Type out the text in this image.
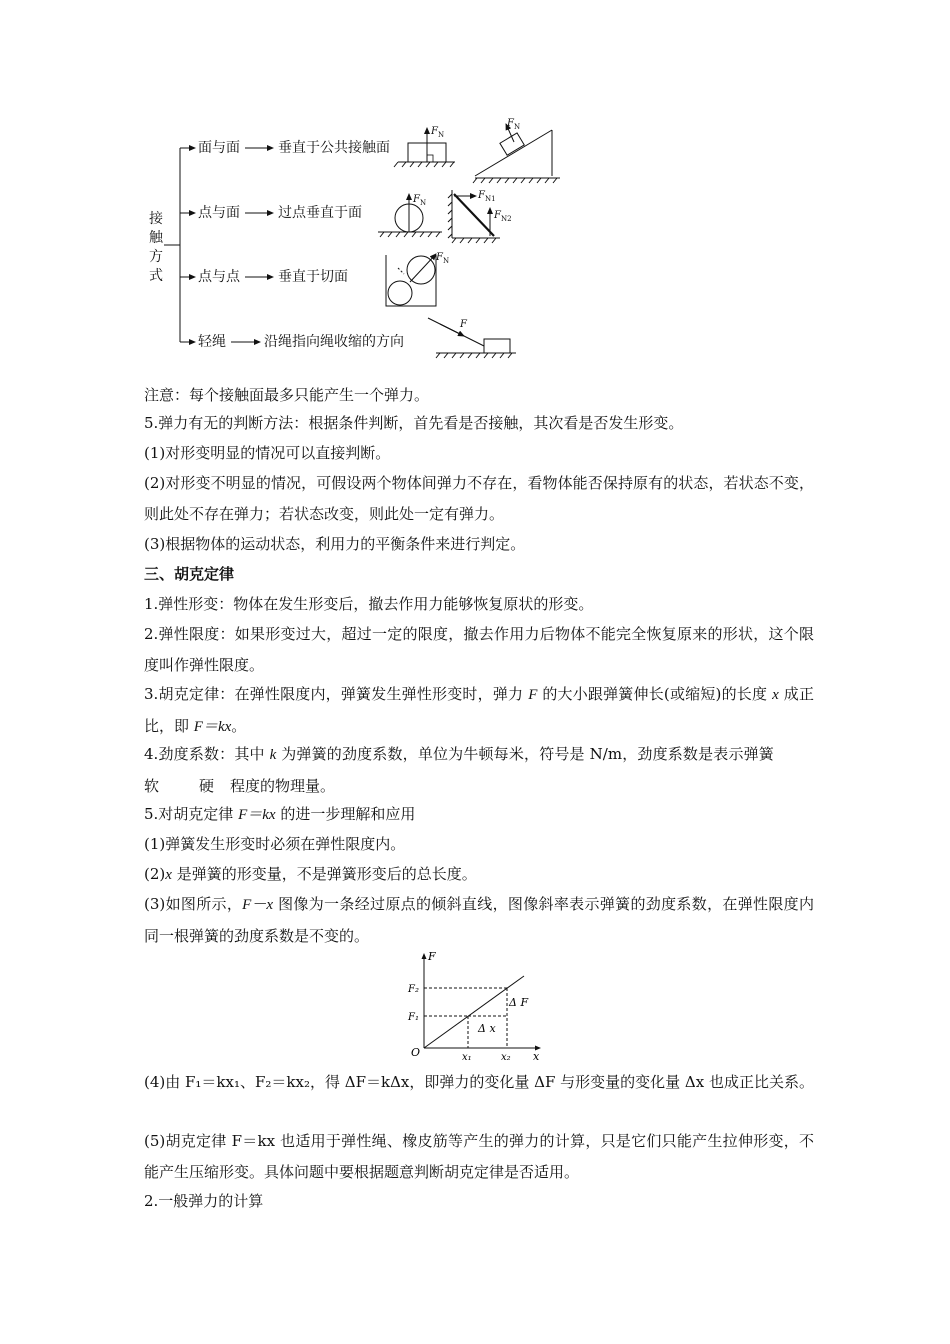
接
触
方
式
面与面	垂直于公共接触面
点与面	过点垂直于面
点与点	垂直于切面
轻绳	沿绳指向绳收缩的方向
$F_N$
$F_N$
$F_N$
$F_{N1}$
$F_{N2}$
$F_N$
F
注意：每个接触面最多只能产生一个弹力。
5.弹力有无的判断方法：根据条件判断，首先看是否接触，其次看是否发生形变。
(1)对形变明显的情况可以直接判断。
(2)对形变不明显的情况，可假设两个物体间弹力不存在，看物体能否保持原有的状态，若状态不变，则此处不存在弹力；若状态改变，则此处一定有弹力。
(3)根据物体的运动状态，利用力的平衡条件来进行判定。
三、胡克定律
1.弹性形变：物体在发生形变后，撤去作用力能够恢复原状的形变。
2.弹性限度：如果形变过大，超过一定的限度，撤去作用力后物体不能完全恢复原来的形状，这个限度叫作弹性限度。
3.胡克定律：在弹性限度内，弹簧发生弹性形变时，弹力 F 的大小跟弹簧伸长(或缩短)的长度 x 成正比，即 F＝kx。
4.劲度系数：其中 k 为弹簧的劲度系数，单位为牛顿每米，符号是 N/m，劲度系数是表示弹簧软	硬 程度的物理量。
5.对胡克定律 F＝kx 的进一步理解和应用
(1)弹簧发生形变时必须在弹性限度内。
(2)x 是弹簧的形变量，不是弹簧形变后的总长度。
(3)如图所示，F－x 图像为一条经过原点的倾斜直线，图像斜率表示弹簧的劲度系数，在弹性限度内同一根弹簧的劲度系数是不变的。
F
x
O
F₂
F₁
x₁	x₂
Δ F
Δ x
(4)由 F₁＝kx₁、F₂＝kx₂，得 ΔF＝kΔx，即弹力的变化量 ΔF 与形变量的变化量 Δx 也成正比关系。
(5)胡克定律 F＝kx 也适用于弹性绳、橡皮筋等产生的弹力的计算，只是它们只能产生拉伸形变，不能产生压缩形变。具体问题中要根据题意判断胡克定律是否适用。
2.一般弹力的计算
